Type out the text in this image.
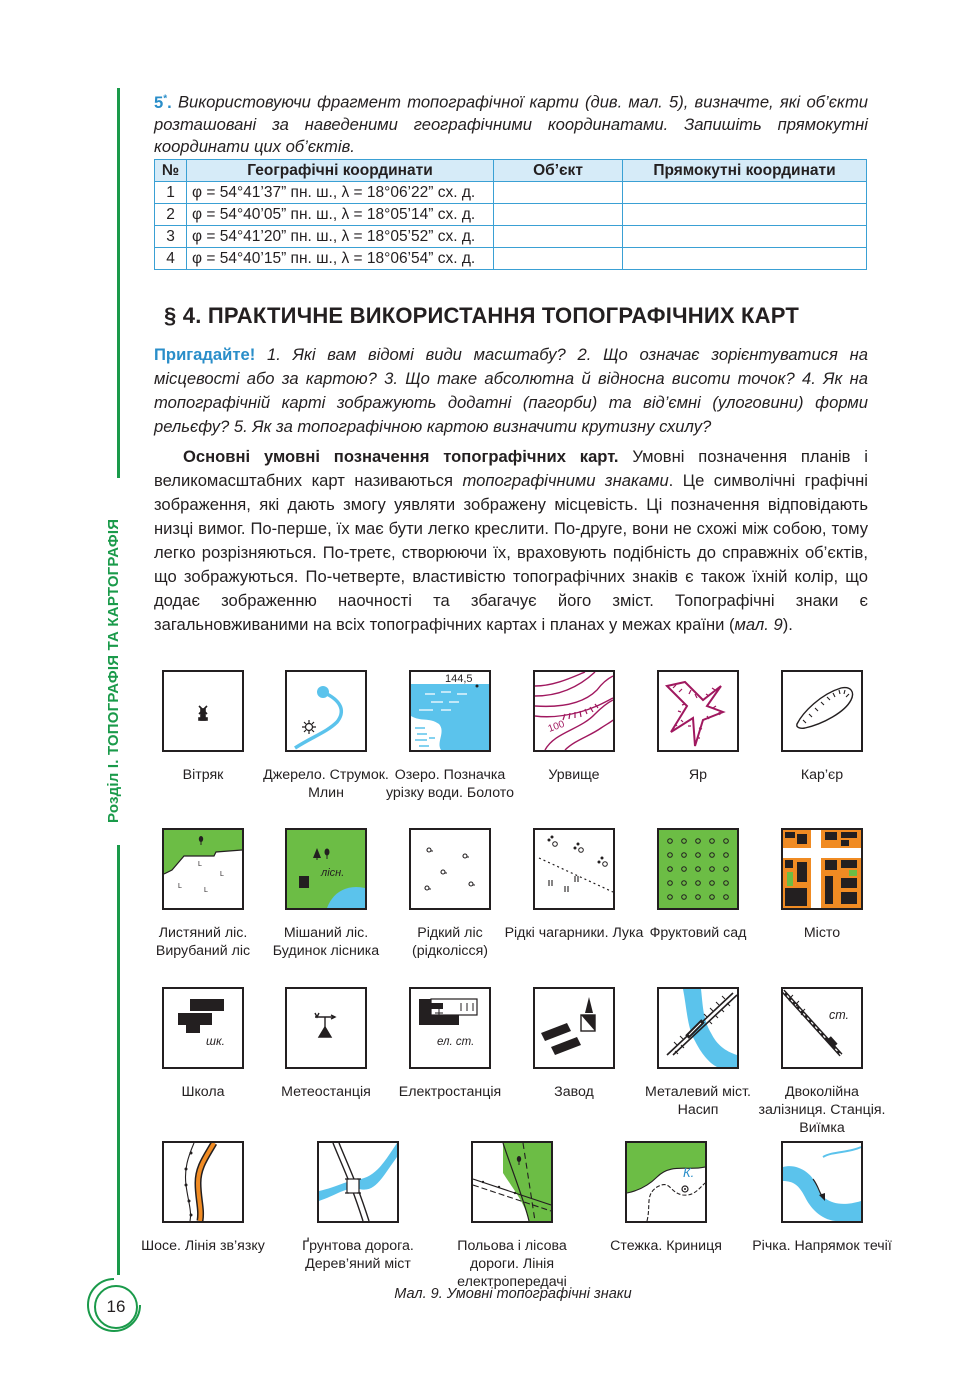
Розділ I. ТОПОГРАФІЯ ТА КАРТОГРАФІЯ
5*. Використовуючи фрагмент топографічної карти (див. мал. 5), визначте, які об’єкти розташовані за наведеними географічними координатами. Запишіть прямокутні координати цих об’єктів.
№	Географічні координати	Об’єкт	Прямокутні координати
1	φ = 54°41’37” пн. ш., λ = 18°06’22” сх. д.		
2	φ = 54°40’05” пн. ш., λ = 18°05’14” сх. д.		
3	φ = 54°41’20” пн. ш., λ = 18°05’52” сх. д.		
4	φ = 54°40’15” пн. ш., λ = 18°06’54” сх. д.		
§ 4. ПРАКТИЧНЕ ВИКОРИСТАННЯ ТОПОГРАФІЧНИХ КАРТ
Пригадайте! 1. Які вам відомі види масштабу? 2. Що означає зорієнтуватися на місцевості або за картою? 3. Що таке абсолютна й відносна висоти точок? 4. Як на топографічній карті зображують додатні (пагорби) та від’ємні (улоговини) форми рельєфу? 5. Як за топографічною картою визначити крутизну схилу?
Основні умовні позначення топографічних карт. Умовні позначення планів і великомасштабних карт називаються топографічними знаками. Це символічні графічні зображення, які дають змогу уявляти зображену місцевість. Ці позначення відповідають низці вимог. По-перше, їх має бути легко креслити. По-друге, вони не схожі між собою, тому легко розрізняються. По-третє, створюючи їх, враховують подібність до справжніх об’єктів, що зображуються. По-четверте, властивістю топографічних знаків є також їхній колір, що додає зображенню наочності та збагачує його зміст. Топографічні знаки є загальновживаними на всіх топографічних картах і планах у межах країни (мал. 9).
Вітряк	Джерело. Струмок. Млин
144,5
Озеро. Позначка урізку води. Болото
100
Урвище	Яр	Кар’єр
L
L
L
L
Листяний ліс. Вирубаний ліс
лісн.
Мішаний ліс. Будинок лісника
Рідкий ліс (рідколісся)
Рідкі чагарники. Лука Фруктовий сад	Місто
шк.
Школа	Метеостанція
ел. ст.
Електростанція	Завод	Металевий міст. Насип
ст.
Двоколійна залізниця. Станція. Виїмка
Шосе. Лінія зв’язку	Ґрунтова дорога. Дерев’яний міст
Польова і лісова дороги. Лінія електропередачі
К.
Стежка. Криниця	Річка. Напрямок течії
Мал. 9. Умовні топографічні знаки
16
